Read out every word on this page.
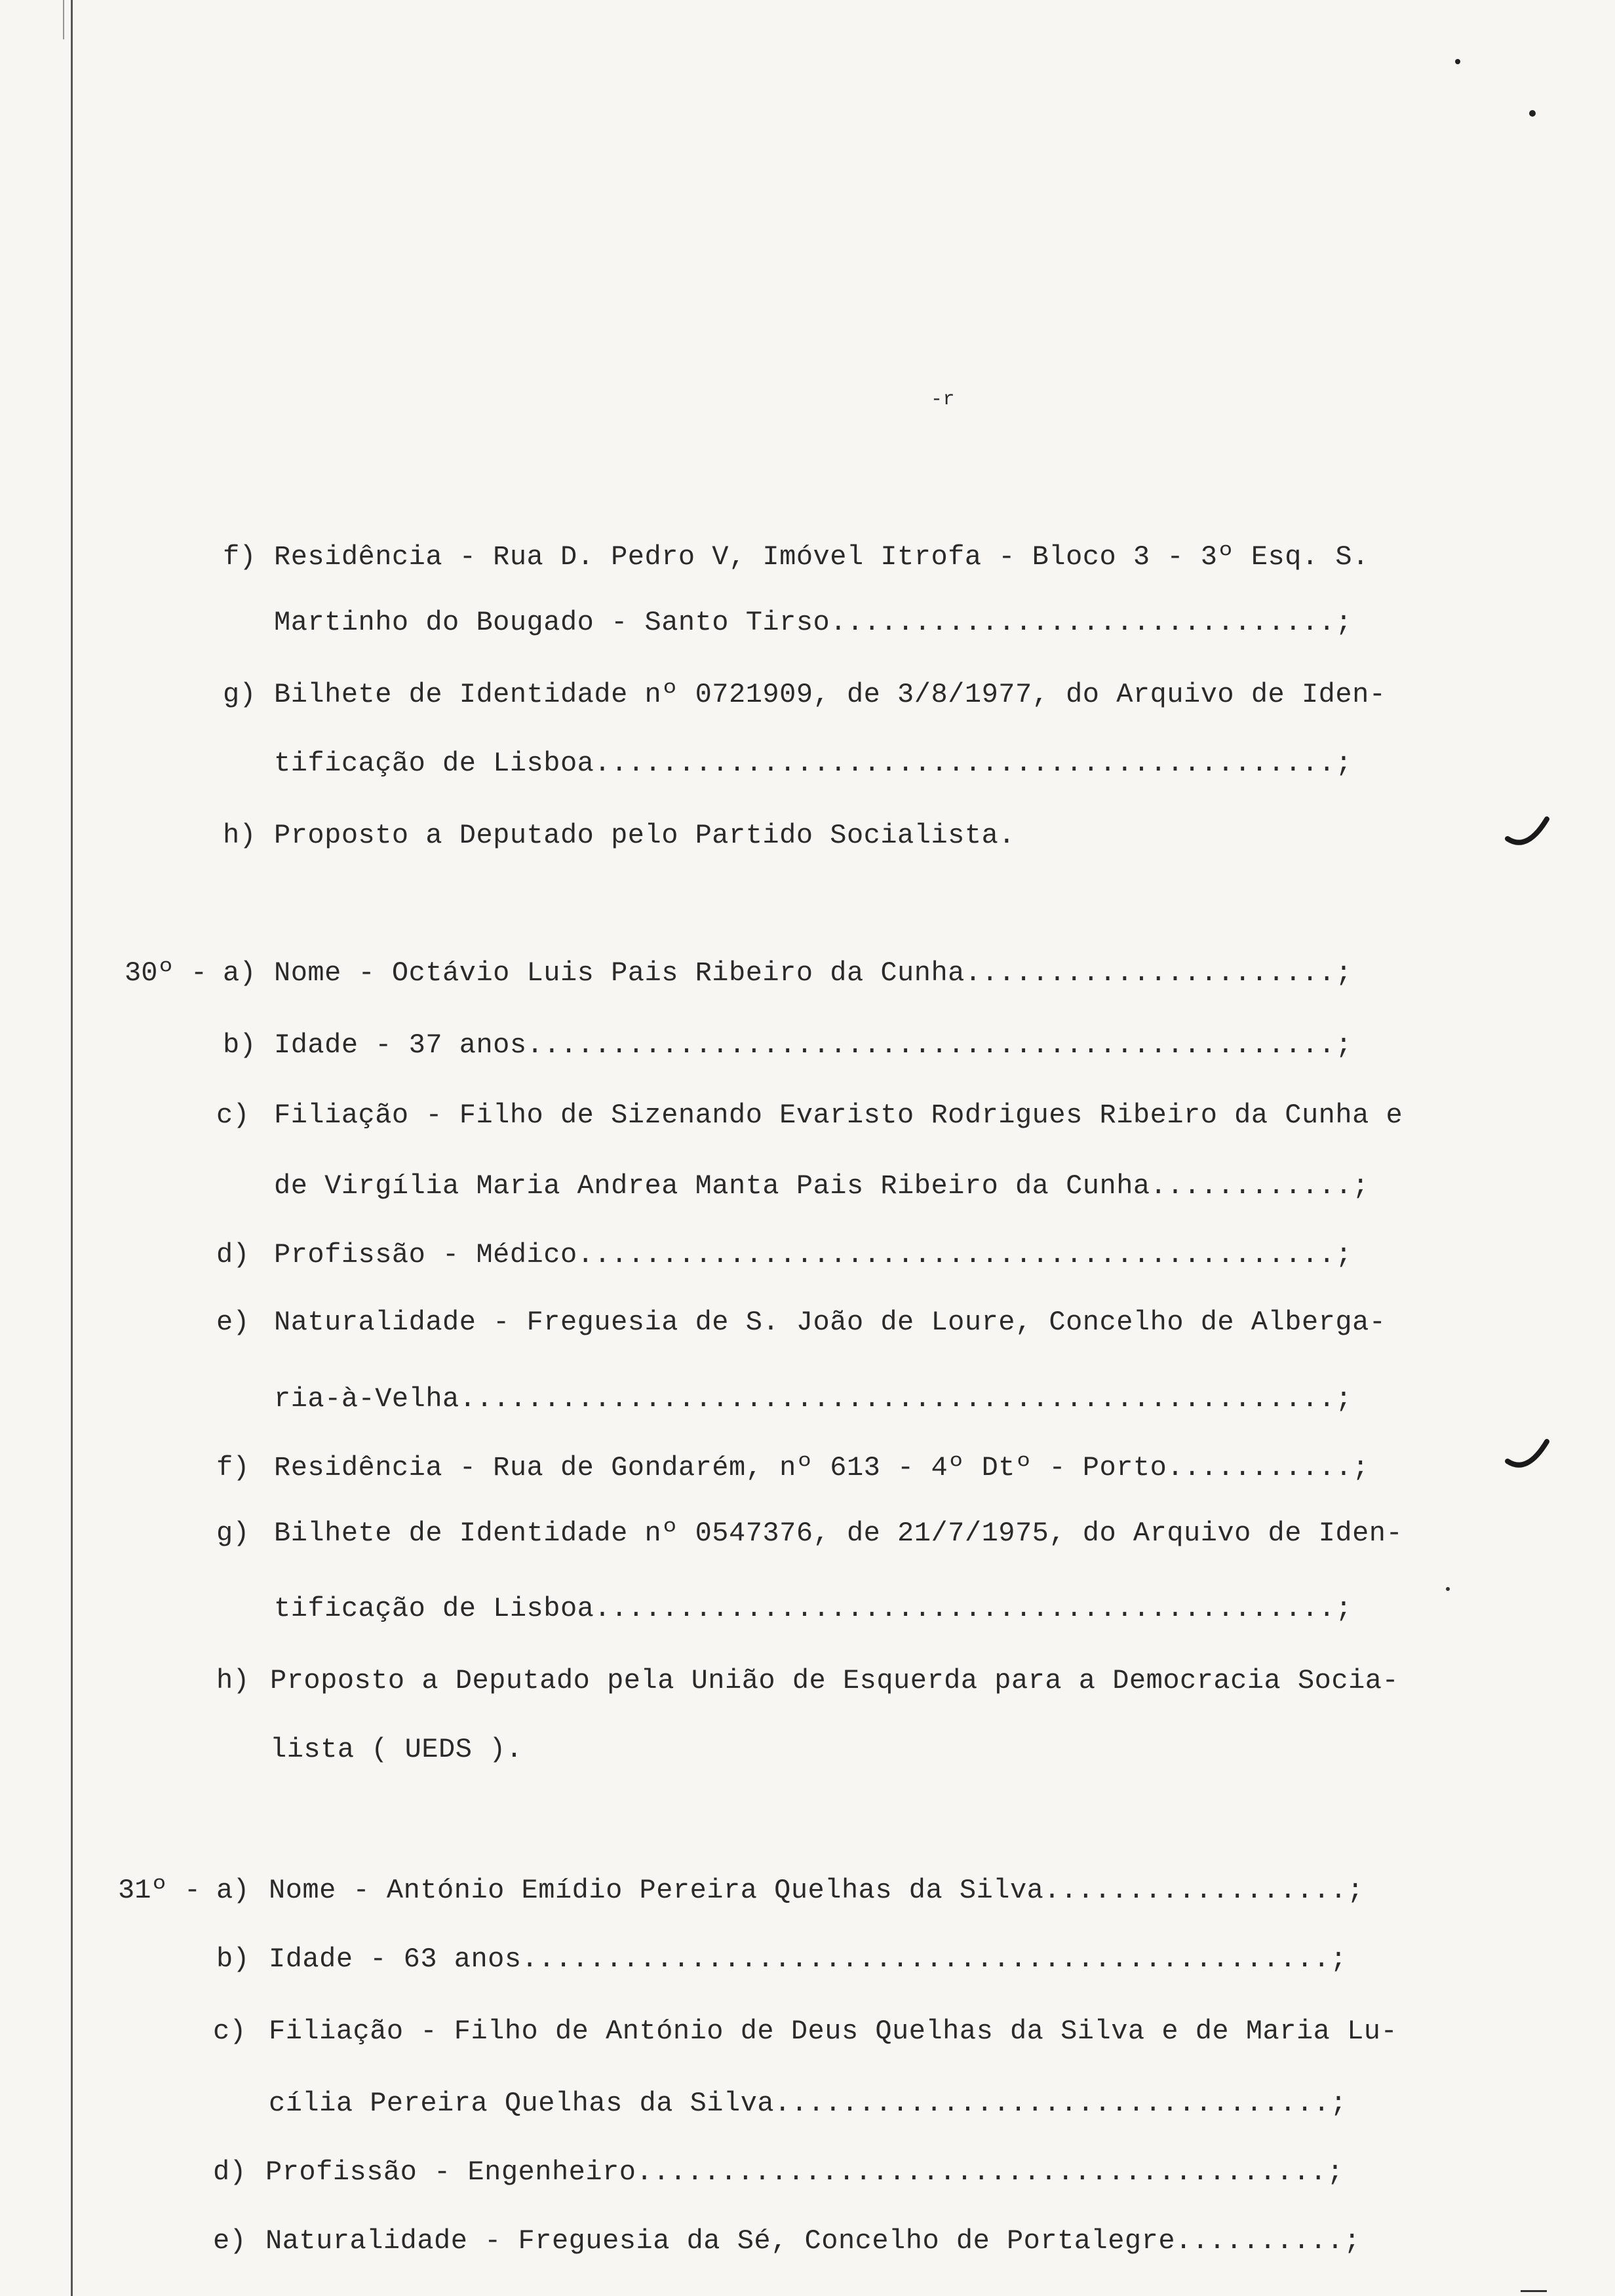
-r
f) Residência - Rua D. Pedro V, Imóvel Itrofa - Bloco 3 - 3º Esq. S.
Martinho do Bougado - Santo Tirso..............................;
g) Bilhete de Identidade nº 0721909, de 3/8/1977, do Arquivo de Iden-
tificação de Lisboa............................................;
h) Proposto a Deputado pelo Partido Socialista.
30º - a) Nome - Octávio Luis Pais Ribeiro da Cunha......................;
b) Idade - 37 anos................................................;
c) Filiação - Filho de Sizenando Evaristo Rodrigues Ribeiro da Cunha e
de Virgília Maria Andrea Manta Pais Ribeiro da Cunha............;
d) Profissão - Médico.............................................;
e) Naturalidade - Freguesia de S. João de Loure, Concelho de Alberga-
ria-à-Velha....................................................;
f) Residência - Rua de Gondarém, nº 613 - 4º Dtº - Porto...........;
g) Bilhete de Identidade nº 0547376, de 21/7/1975, do Arquivo de Iden-
tificação de Lisboa............................................;
h) Proposto a Deputado pela União de Esquerda para a Democracia Socia-
lista ( UEDS ).
31º - a) Nome - António Emídio Pereira Quelhas da Silva..................;
b) Idade - 63 anos................................................;
c) Filiação - Filho de António de Deus Quelhas da Silva e de Maria Lu-
cília Pereira Quelhas da Silva.................................;
d) Profissão - Engenheiro.........................................;
e) Naturalidade - Freguesia da Sé, Concelho de Portalegre..........;
